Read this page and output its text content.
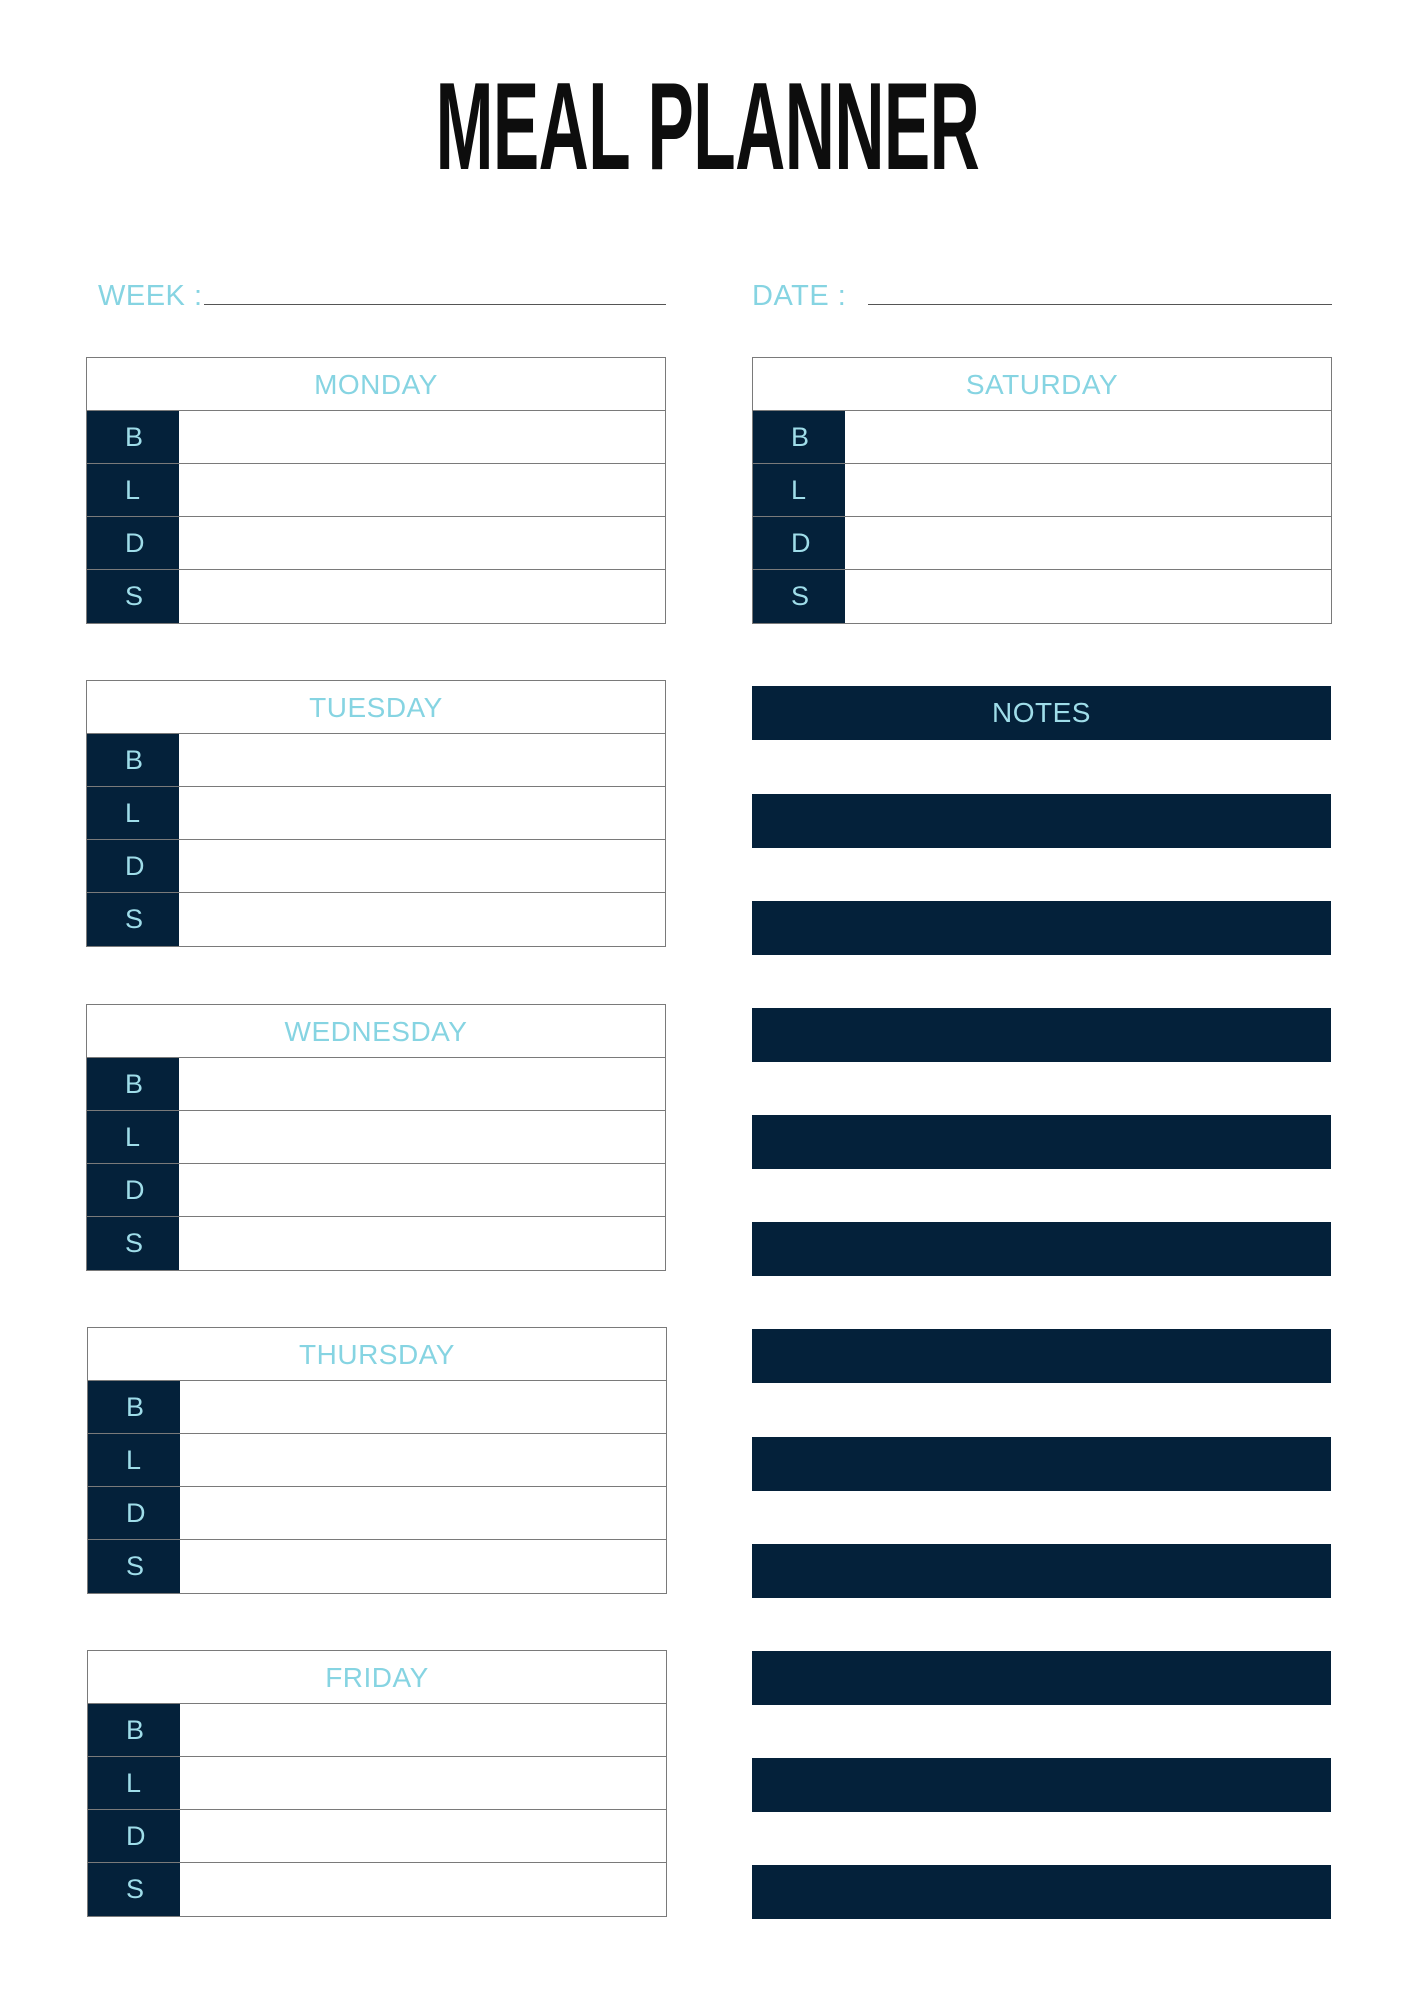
MEAL PLANNER
WEEK :	DATE :
MONDAY
B
L
D
S
TUESDAY
B
L
D
S
WEDNESDAY
B
L
D
S
THURSDAY
B
L
D
S
FRIDAY
B
L
D
S
SATURDAY
B
L
D
S
NOTES
